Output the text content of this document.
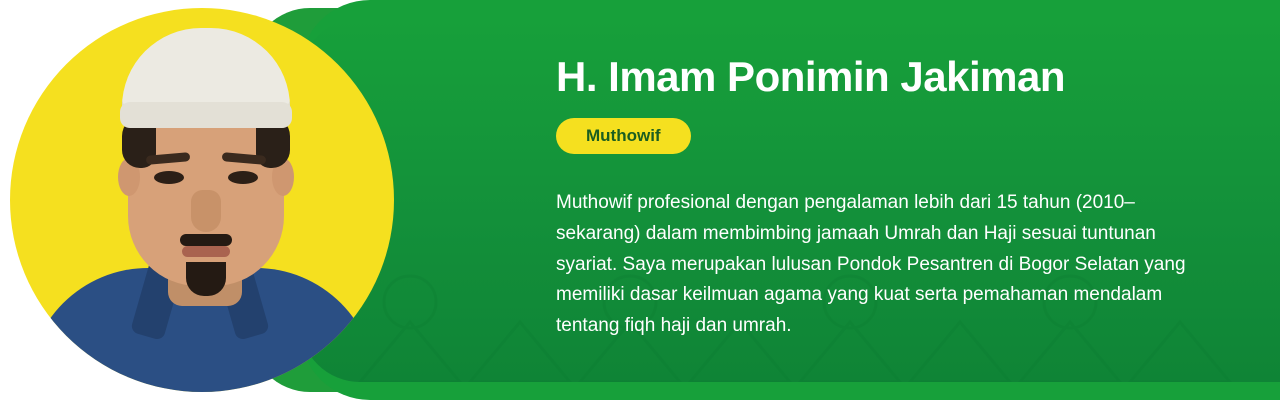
H. Imam Ponimin Jakiman
Muthowif

Muthowif profesional dengan pengalaman lebih dari 15 tahun (2010–sekarang) dalam membimbing jamaah Umrah dan Haji sesuai tuntunan syariat. Saya merupakan lulusan Pondok Pesantren di Bogor Selatan yang memiliki dasar keilmuan agama yang kuat serta pemahaman mendalam tentang fiqh haji dan umrah.
